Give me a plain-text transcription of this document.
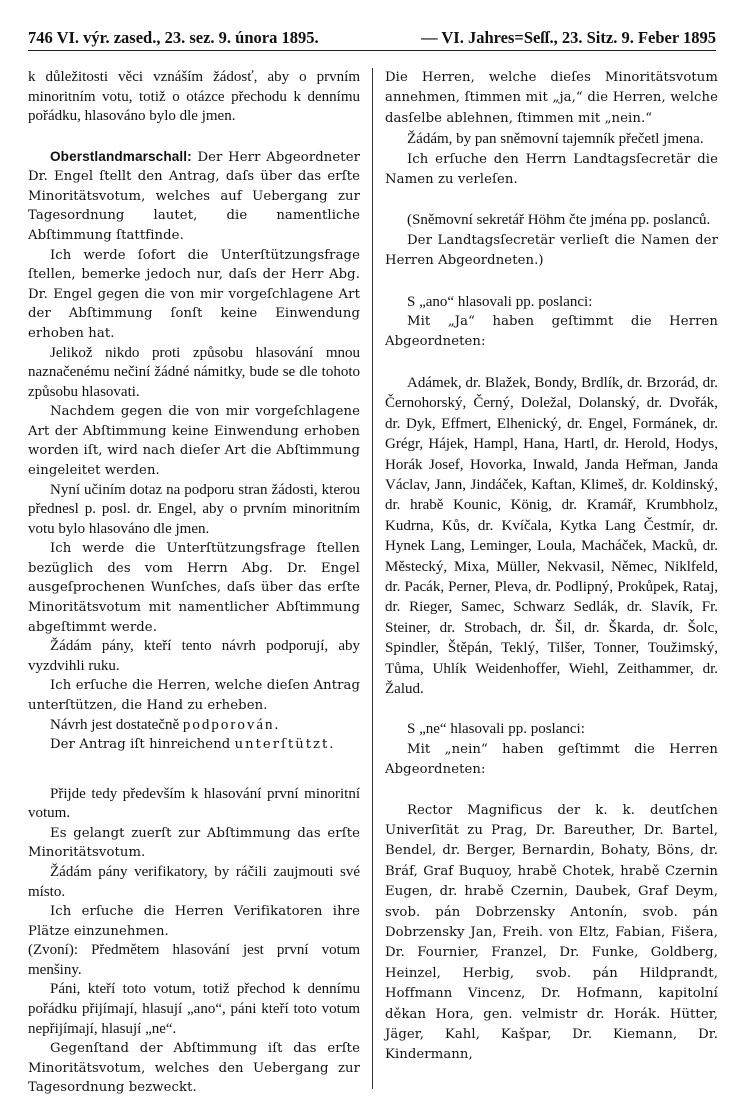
746 VI. výr. zased., 23. sez. 9. února 1895.	— VI. Jahres=Seſſ., 23. Sitz. 9. Feber 1895

k důležitosti věci vznáším žádosť, aby o prvním minoritním votu, totiž o otázce přechodu k dennímu pořádku, hlasováno bylo dle jmen.

Oberstlandmarschall: Der Herr Abgeordneter Dr. Engel ſtellt den Antrag, daſs über das erſte Minoritätsvotum, welches auf Uebergang zur Tagesordnung lautet, die namentliche Abſtimmung ſtattfinde.

Ich werde ſofort die Unterſtützungsfrage ſtellen, bemerke jedoch nur, daſs der Herr Abg. Dr. Engel gegen die von mir vorgeſchlagene Art der Abſtimmung ſonſt keine Einwendung erhoben hat.

Jelikož nikdo proti způsobu hlasování mnou naznačenému nečiní žádné námitky, bude se dle tohoto způsobu hlasovati.

Nachdem gegen die von mir vorgeſchlagene Art der Abſtimmung keine Einwendung erhoben worden iſt, wird nach dieſer Art die Abſtimmung eingeleitet werden.

Nyní učiním dotaz na podporu stran žádosti, kterou přednesl p. posl. dr. Engel, aby o prvním minoritním votu bylo hlasováno dle jmen.

Ich werde die Unterſtützungsfrage ſtellen bezüglich des vom Herrn Abg. Dr. Engel ausgeſprochenen Wunſches, daſs über das erſte Minoritätsvotum mit namentlicher Abſtimmung abgeſtimmt werde.

Žádám pány, kteří tento návrh podporují, aby vyzdvihli ruku.

Ich erſuche die Herren, welche dieſen Antrag unterſtützen, die Hand zu erheben.

Návrh jest dostatečně podporován.

Der Antrag iſt hinreichend unterſtützt.

Přijde tedy především k hlasování první minoritní votum.

Es gelangt zuerſt zur Abſtimmung das erſte Minoritätsvotum.

Žádám pány verifikatory, by ráčili zaujmouti své místo.

Ich erſuche die Herren Verifikatoren ihre Plätze einzunehmen.

(Zvoní): Předmětem hlasování jest první votum menšiny.

Páni, kteří toto votum, totiž přechod k dennímu pořádku přijímají, hlasují „ano“, páni kteří toto votum nepřijímají, hlasují „ne“.

Gegenſtand der Abſtimmung iſt das erſte Minoritätsvotum, welches den Uebergang zur Tagesordnung bezweckt.

Die Herren, welche dieſes Minoritätsvotum annehmen, ſtimmen mit „ja,“ die Herren, welche dasſelbe ablehnen, ſtimmen mit „nein.“

Žádám, by pan sněmovní tajemník přečetl jmena.

Ich erſuche den Herrn Landtagsſecretär die Namen zu verleſen.

(Sněmovní sekretář Höhm čte jména pp. poslanců.

Der Landtagsſecretär verlieſt die Namen der Herren Abgeordneten.)

S „ano“ hlasovali pp. poslanci:

Mit „Ja“ haben geſtimmt die Herren Abgeordneten:

Adámek, dr. Blažek, Bondy, Brdlík, dr. Brzorád, dr. Černohorský, Černý, Doležal, Dolanský, dr. Dvořák, dr. Dyk, Effmert, Elhenický, dr. Engel, Formánek, dr. Grégr, Hájek, Hampl, Hana, Hartl, dr. Herold, Hodys, Horák Josef, Hovorka, Inwald, Janda Heřman, Janda Václav, Jann, Jindáček, Kaftan, Klimeš, dr. Koldinský, dr. hrabě Kounic, König, dr. Kramář, Krumbholz, Kudrna, Kůs, dr. Kvíčala, Kytka Lang Čestmír, dr. Hynek Lang, Leminger, Loula, Macháček, Macků, dr. Městecký, Mixa, Müller, Nekvasil, Němec, Niklfeld, dr. Pacák, Perner, Pleva, dr. Podlipný, Prokůpek, Rataj, dr. Rieger, Samec, Schwarz Sedlák, dr. Slavík, Fr. Steiner, dr. Strobach, dr. Šil, dr. Škarda, dr. Šolc, Spindler, Štěpán, Teklý, Tilšer, Tonner, Toužimský, Tůma, Uhlík Weidenhoffer, Wiehl, Zeithammer, dr. Žalud.

S „ne“ hlasovali pp. poslanci:

Mit „nein“ haben geſtimmt die Herren Abgeordneten:

Rector Magnificus der k. k. deutſchen Univerſität zu Prag, Dr. Bareuther, Dr. Bartel, Bendel, dr. Berger, Bernardin, Bohaty, Böns, dr. Bráf, Graf Buquoy, hrabě Chotek, hrabě Czernin Eugen, dr. hrabě Czernin, Daubek, Graf Deym, svob. pán Dobrzensky Antonín, svob. pán Dobrzensky Jan, Freih. von Eltz, Fabian, Fišera, Dr. Fournier, Franzel, Dr. Funke, Goldberg, Heinzel, Herbig, svob. pán Hildprandt, Hoffmann Vincenz, Dr. Hofmann, kapitolní děkan Hora, gen. velmistr dr. Horák. Hütter, Jäger, Kahl, Kašpar, Dr. Kiemann, Dr. Kindermann,
